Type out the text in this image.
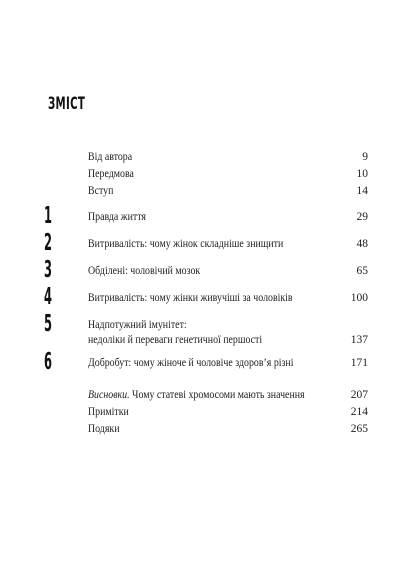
ЗМІСТ
Від автора	9
Передмова	10
Вступ	14
1	Правда життя	29
2	Витривалість: чому жінок складніше знищити	48
3	Обділені: чоловічий мозок	65
4	Витривалість: чому жінки живучіші за чоловіків	100
5	Надпотужний імунітет:
недоліки й переваги генетичної першості	137
6	Добробут: чому жіноче й чоловіче здоров’я різні	171
Висновки. Чому статеві хромосоми мають значення	207
Примітки	214
Подяки	265
